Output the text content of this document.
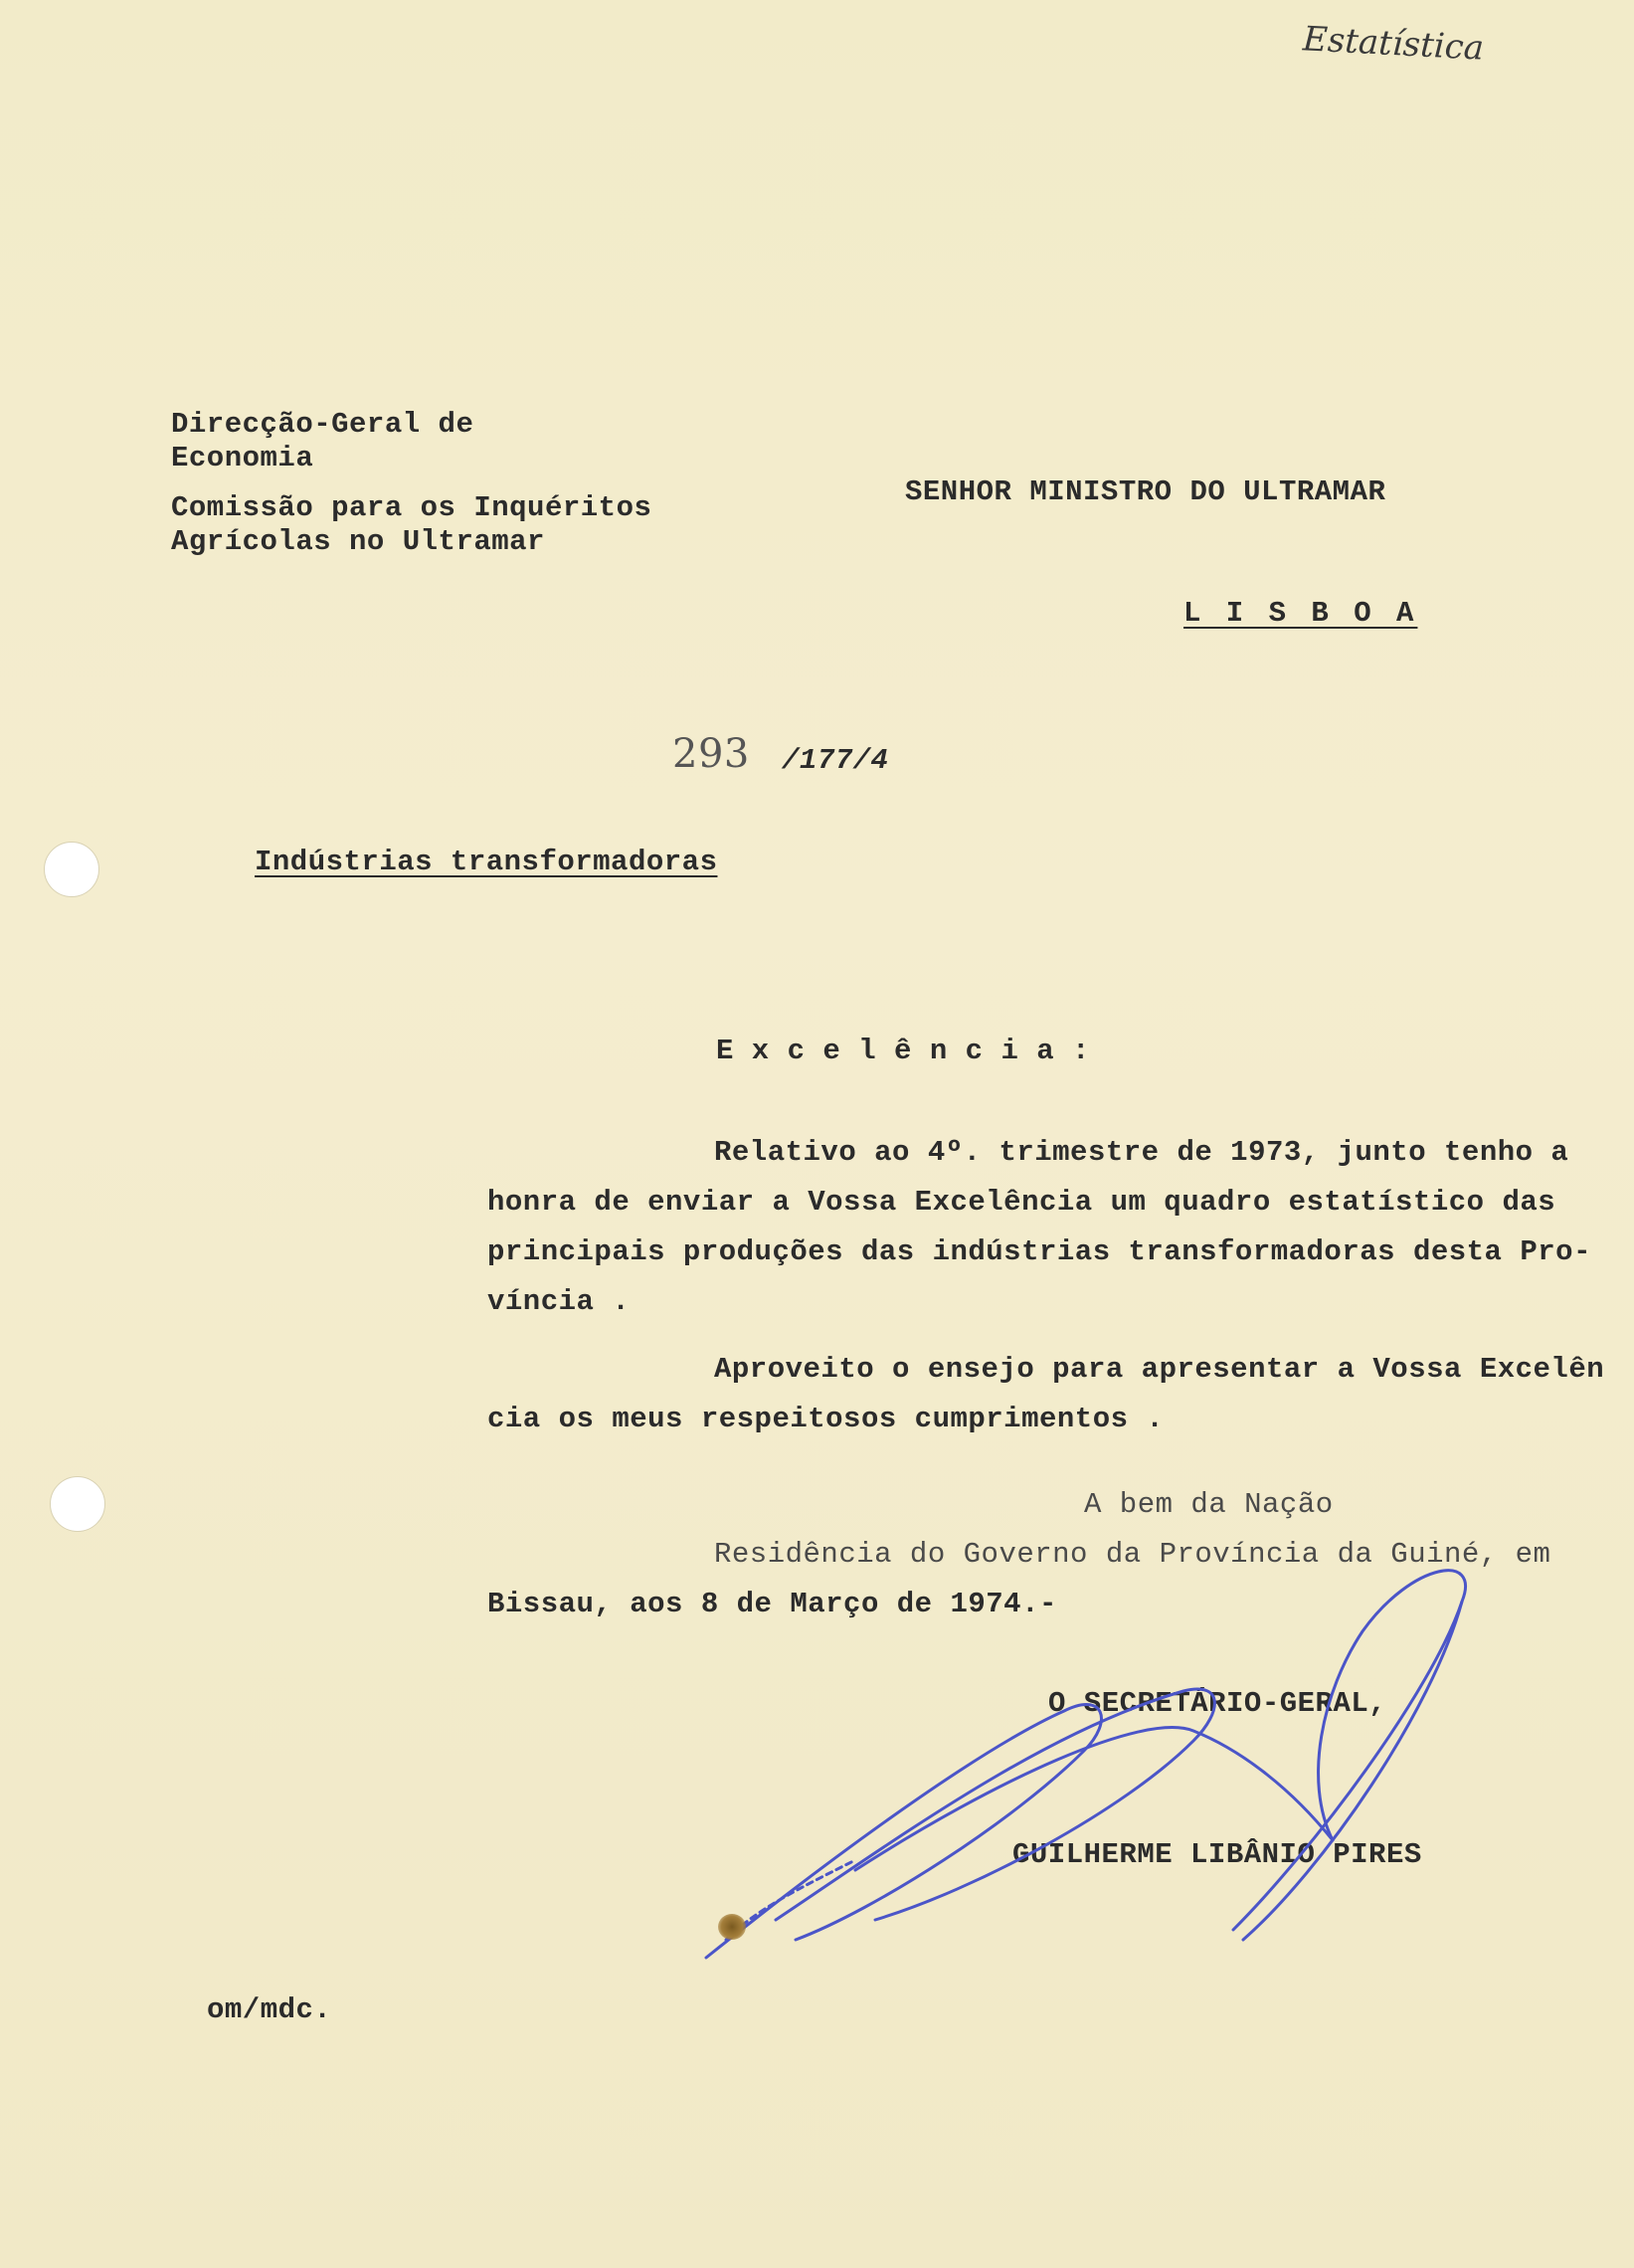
Estatística
Direcção-Geral de
Economia
Comissão para os Inquéritos
Agrícolas no Ultramar
SENHOR MINISTRO DO ULTRAMAR
L I S B O A
293 /177/4
Indústrias transformadoras
E x c e l ê n c i a :
Relativo ao 4º. trimestre de 1973, junto tenho a
honra de enviar a Vossa Excelência um quadro estatístico das
principais produções das indústrias transformadoras desta Pro-
víncia .
Aproveito o ensejo para apresentar a Vossa Excelên
cia os meus respeitosos cumprimentos .
A bem da Nação
Residência do Governo da Província da Guiné, em
Bissau, aos 8 de Março de 1974.-
O SECRETÁRIO-GERAL,
GUILHERME LIBÂNIO PIRES
om/mdc.
